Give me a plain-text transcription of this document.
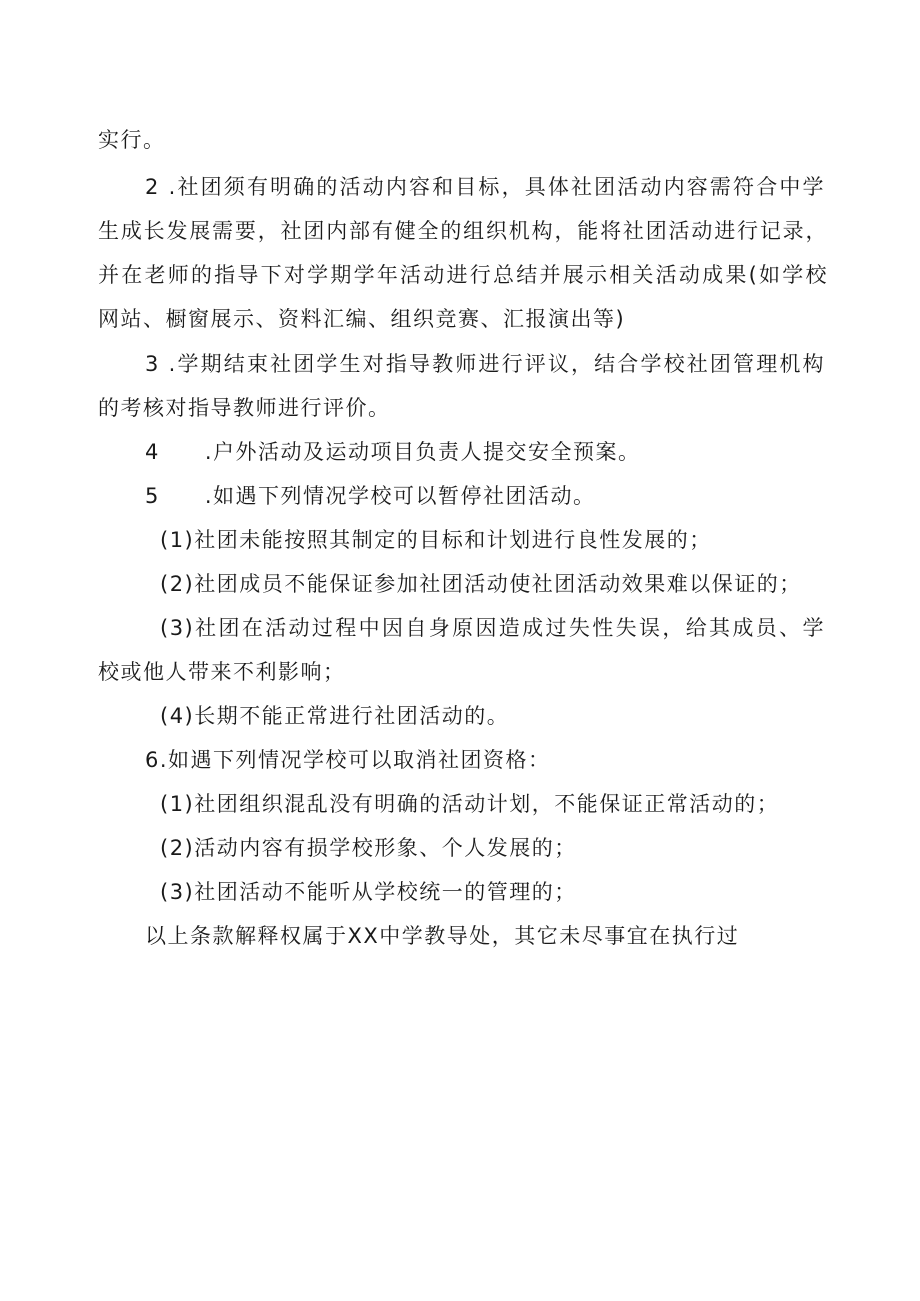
实行。
2 .社团须有明确的活动内容和目标，具体社团活动内容需符合中学
生成长发展需要，社团内部有健全的组织机构，能将社团活动进行记录，
并在老师的指导下对学期学年活动进行总结并展示相关活动成果(如学校
网站、橱窗展示、资料汇编、组织竞赛、汇报演出等)
3 .学期结束社团学生对指导教师进行评议，结合学校社团管理机构
的考核对指导教师进行评价。
4  .户外活动及运动项目负责人提交安全预案。
5  .如遇下列情况学校可以暂停社团活动。
(1)社团未能按照其制定的目标和计划进行良性发展的；
(2)社团成员不能保证参加社团活动使社团活动效果难以保证的；
(3)社团在活动过程中因自身原因造成过失性失误，给其成员、学
校或他人带来不利影响；
(4)长期不能正常进行社团活动的。
6.如遇下列情况学校可以取消社团资格：
(1)社团组织混乱没有明确的活动计划，不能保证正常活动的；
(2)活动内容有损学校形象、个人发展的；
(3)社团活动不能听从学校统一的管理的；
以上条款解释权属于XX中学教导处，其它未尽事宜在执行过
